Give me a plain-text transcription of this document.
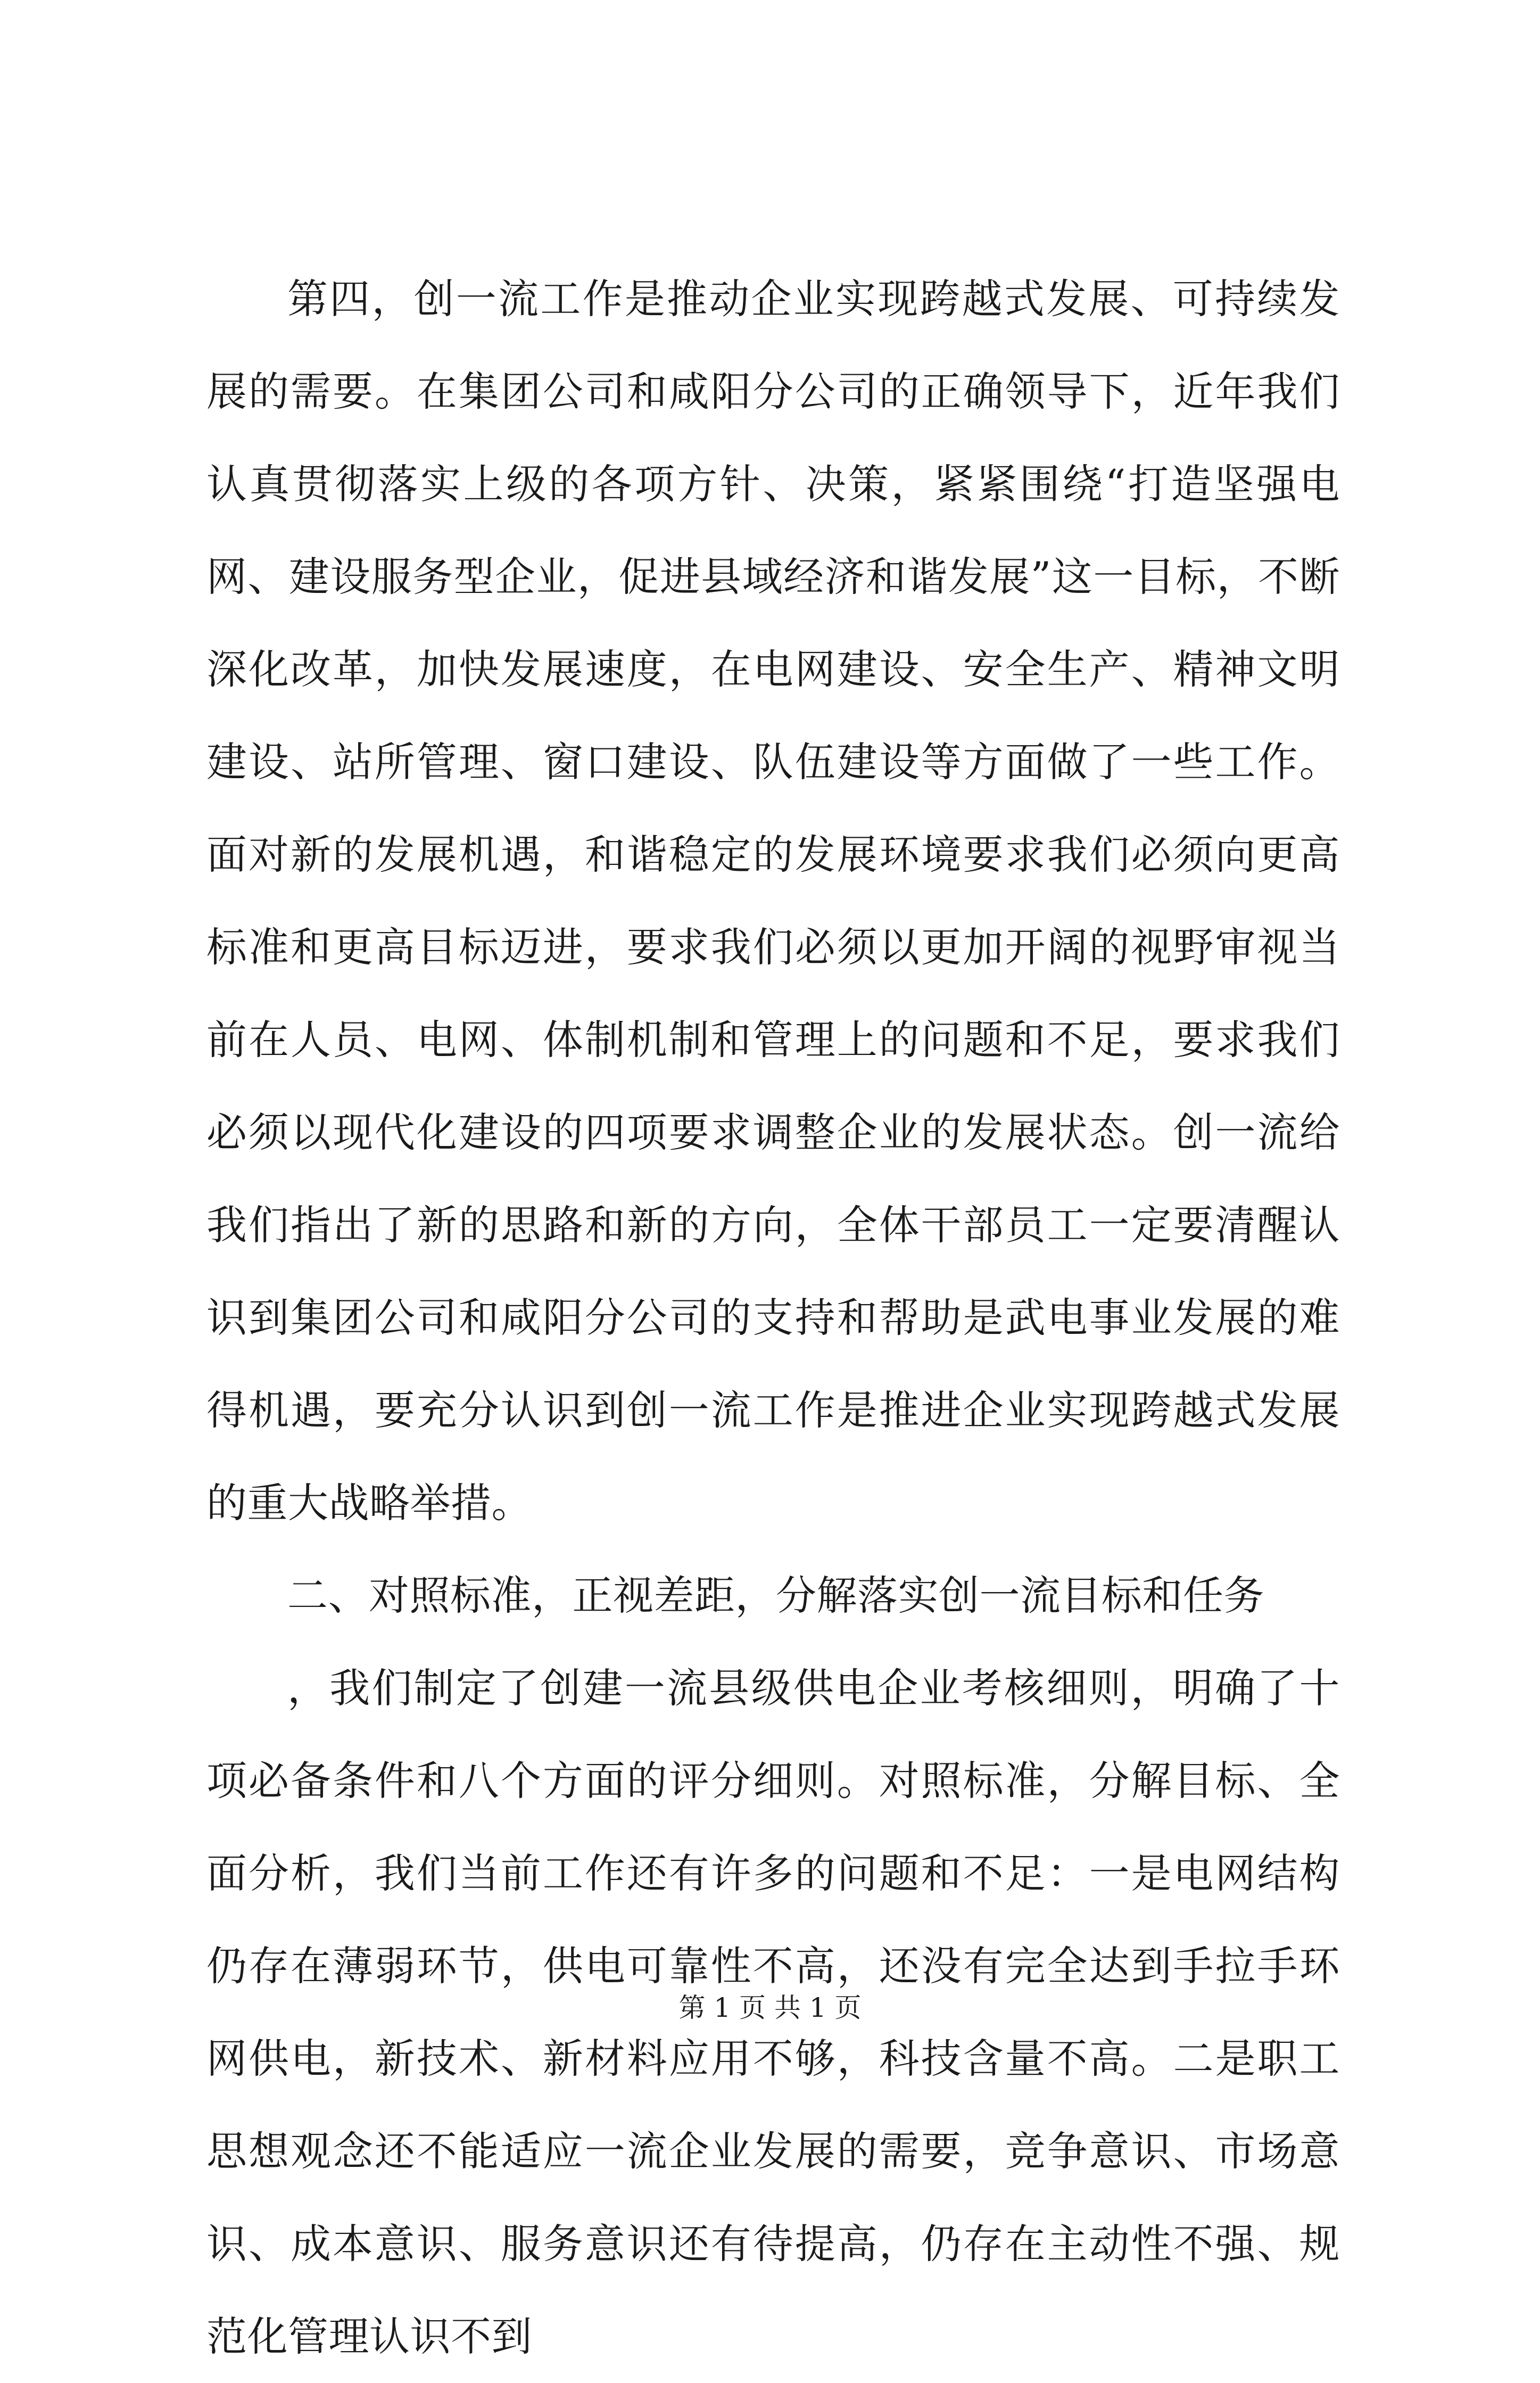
第四，创一流工作是推动企业实现跨越式发展、可持续发展的需要。在集团公司和咸阳分公司的正确领导下，近年我们认真贯彻落实上级的各项方针、决策，紧紧围绕“打造坚强电网、建设服务型企业，促进县域经济和谐发展”这一目标，不断深化改革，加快发展速度，在电网建设、安全生产、精神文明建设、站所管理、窗口建设、队伍建设等方面做了一些工作。面对新的发展机遇，和谐稳定的发展环境要求我们必须向更高标准和更高目标迈进，要求我们必须以更加开阔的视野审视当前在人员、电网、体制机制和管理上的问题和不足，要求我们必须以现代化建设的四项要求调整企业的发展状态。创一流给我们指出了新的思路和新的方向，全体干部员工一定要清醒认识到集团公司和咸阳分公司的支持和帮助是武电事业发展的难得机遇，要充分认识到创一流工作是推进企业实现跨越式发展的重大战略举措。

二、对照标准，正视差距，分解落实创一流目标和任务

，我们制定了创建一流县级供电企业考核细则，明确了十项必备条件和八个方面的评分细则。对照标准，分解目标、全面分析，我们当前工作还有许多的问题和不足：一是电网结构仍存在薄弱环节，供电可靠性不高，还没有完全达到手拉手环网供电，新技术、新材料应用不够，科技含量不高。二是职工思想观念还不能适应一流企业发展的需要，竞争意识、市场意识、成本意识、服务意识还有待提高，仍存在主动性不强、规范化管理认识不到

第 1 页 共 1 页
